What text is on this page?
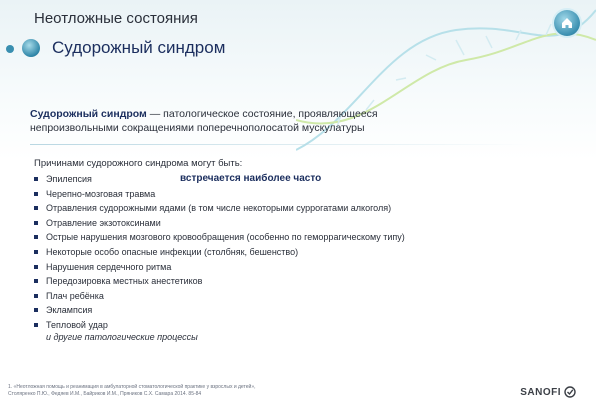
Неотложные состояния
Судорожный синдром
Судорожный синдром — патологическое состояние, проявляющееся
непроизвольными сокращениями поперечнополосатой мускулатуры
Причинами судорожного синдрома могут быть:
Эпилепсия
Черепно-мозговая травма
Отравления судорожными ядами (в том числе некоторыми суррогатами алкоголя)
Отравление экзотоксинами
Острые нарушения мозгового кровообращения (особенно по геморрагическому типу)
Некоторые особо опасные инфекции (столбняк, бешенство)
Нарушения сердечного ритма
Передозировка местных анестетиков
Плач ребёнка
Эклампсия
Тепловой удар
встречается наиболее часто
и другие патологические процессы
1. «Неотложная помощь и реанимация в амбулаторной стоматологической практике у взрослых и детей»,
Столяренко П.Ю., Федяев И.М., Байриков И.М., Пряников С.Х. Самара 2014. 85-84	SANOFI
